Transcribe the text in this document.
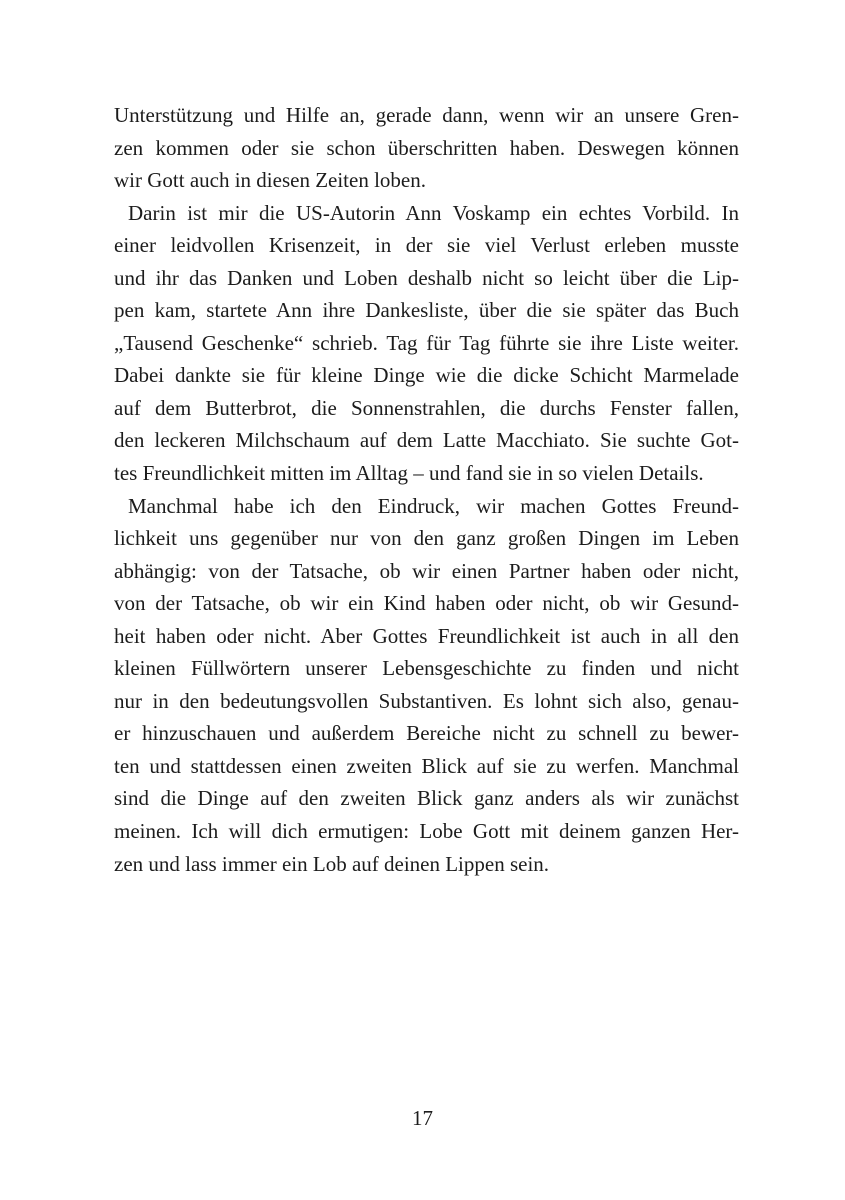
Unterstützung und Hilfe an, gerade dann, wenn wir an unsere Gren-
zen kommen oder sie schon überschritten haben. Deswegen können
wir Gott auch in diesen Zeiten loben.

Darin ist mir die US-Autorin Ann Voskamp ein echtes Vorbild. In
einer leidvollen Krisenzeit, in der sie viel Verlust erleben musste
und ihr das Danken und Loben deshalb nicht so leicht über die Lip-
pen kam, startete Ann ihre Dankesliste, über die sie später das Buch
„Tausend Geschenke“ schrieb. Tag für Tag führte sie ihre Liste weiter.
Dabei dankte sie für kleine Dinge wie die dicke Schicht Marmelade
auf dem Butterbrot, die Sonnenstrahlen, die durchs Fenster fallen,
den leckeren Milchschaum auf dem Latte Macchiato. Sie suchte Got-
tes Freundlichkeit mitten im Alltag – und fand sie in so vielen Details.

Manchmal habe ich den Eindruck, wir machen Gottes Freund-
lichkeit uns gegenüber nur von den ganz großen Dingen im Leben
abhängig: von der Tatsache, ob wir einen Partner haben oder nicht,
von der Tatsache, ob wir ein Kind haben oder nicht, ob wir Gesund-
heit haben oder nicht. Aber Gottes Freundlichkeit ist auch in all den
kleinen Füllwörtern unserer Lebensgeschichte zu finden und nicht
nur in den bedeutungsvollen Substantiven. Es lohnt sich also, genau-
er hinzuschauen und außerdem Bereiche nicht zu schnell zu bewer-
ten und stattdessen einen zweiten Blick auf sie zu werfen. Manchmal
sind die Dinge auf den zweiten Blick ganz anders als wir zunächst
meinen. Ich will dich ermutigen: Lobe Gott mit deinem ganzen Her-
zen und lass immer ein Lob auf deinen Lippen sein.

17
